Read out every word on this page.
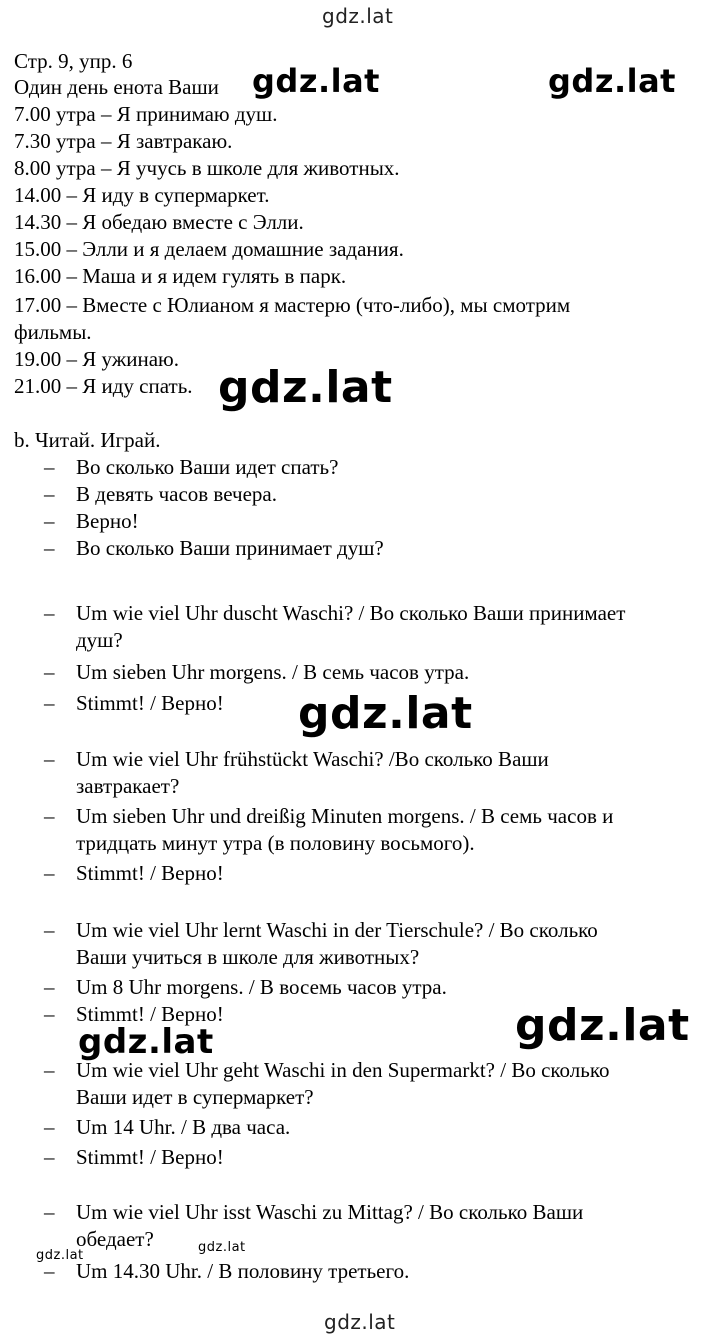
gdz.lat
Стр. 9, упр. 6
Один день енота Ваши gdz.lat	gdz.lat
7.00 утра – Я принимаю душ.
7.30 утра – Я завтракаю.
8.00 утра – Я учусь в школе для животных.
14.00 – Я иду в супермаркет.
14.30 – Я обедаю вместе с Элли.
15.00 – Элли и я делаем домашние задания.
16.00 – Маша и я идем гулять в парк.
17.00 – Вместе с Юлианом я мастерю (что-либо), мы смотрим
фильмы.
19.00 – Я ужинаю.
21.00 – Я иду спать. gdz.lat
b. Читай. Играй.
– Во сколько Ваши идет спать?
– В девять часов вечера.
– Верно!
– Во сколько Ваши принимает душ?
– Um wie viel Uhr duscht Waschi? / Во сколько Ваши принимает
душ?
– Um sieben Uhr morgens. / В семь часов утра.
– Stimmt! / Верно! gdz.lat
– Um wie viel Uhr frühstückt Waschi? /Во сколько Ваши
завтракает?
– Um sieben Uhr und dreißig Minuten morgens. / В семь часов и
тридцать минут утра (в половину восьмого).
– Stimmt! / Верно!
– Um wie viel Uhr lernt Waschi in der Tierschule? / Во сколько
Ваши учиться в школе для животных?
– Um 8 Uhr morgens. / В восемь часов утра.
– Stimmt! / Верно!
gdz.lat	gdz.lat
– Um wie viel Uhr geht Waschi in den Supermarkt? / Во сколько
Ваши идет в супермаркет?
– Um 14 Uhr. / В два часа.
– Stimmt! / Верно!
– Um wie viel Uhr isst Waschi zu Mittag? / Во сколько Ваши
обедает?
gdz.lat
gdz.lat
– Um 14.30 Uhr. / В половину третьего.
gdz.lat
